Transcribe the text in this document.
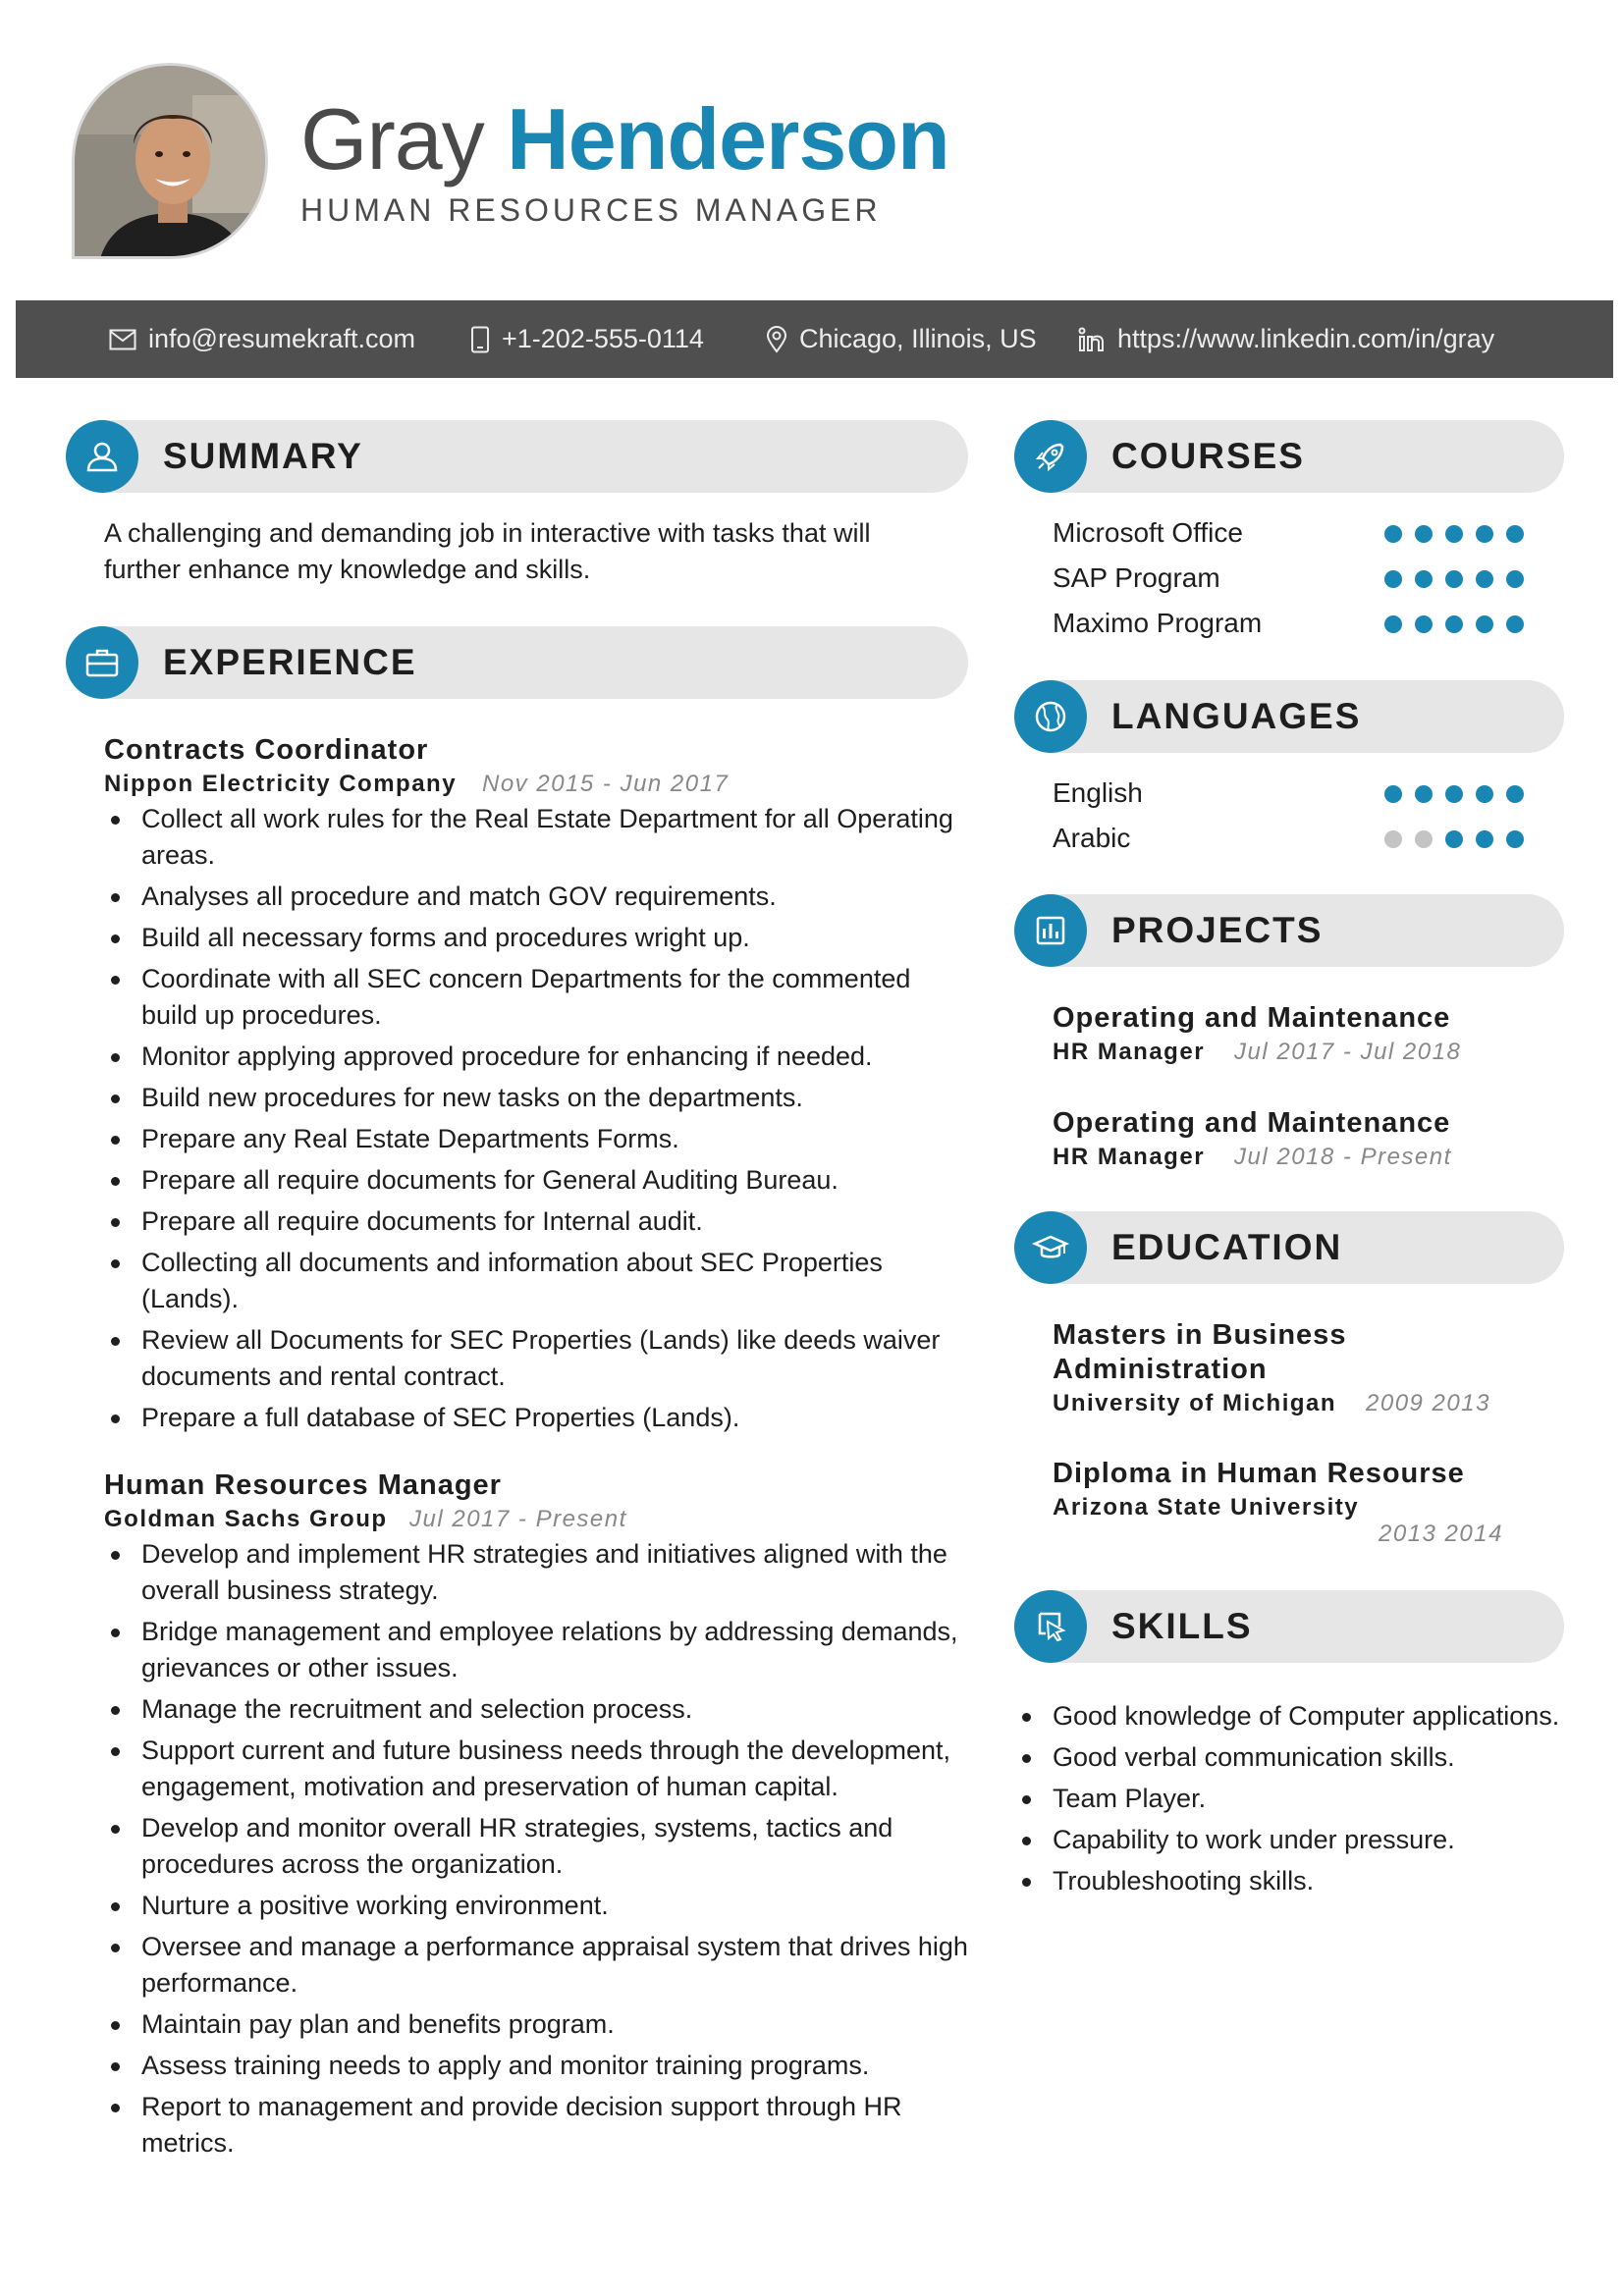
Gray Henderson
HUMAN RESOURCES MANAGER
info@resumekraft.com	+1-202-555-0114	Chicago, Illinois, US	https://www.linkedin.com/in/gray
SUMMARY
A challenging and demanding job in interactive with tasks that will further enhance my knowledge and skills.
EXPERIENCE
Contracts Coordinator
Nippon Electricity Company Nov 2015 - Jun 2017
Collect all work rules for the Real Estate Department for all Operating areas.
Analyses all procedure and match GOV requirements.
Build all necessary forms and procedures wright up.
Coordinate with all SEC concern Departments for the commented build up procedures.
Monitor applying approved procedure for enhancing if needed.
Build new procedures for new tasks on the departments.
Prepare any Real Estate Departments Forms.
Prepare all require documents for General Auditing Bureau.
Prepare all require documents for Internal audit.
Collecting all documents and information about SEC Properties (Lands).
Review all Documents for SEC Properties (Lands) like deeds waiver documents and rental contract.
Prepare a full database of SEC Properties (Lands).
Human Resources Manager
Goldman Sachs Group Jul 2017 - Present
Develop and implement HR strategies and initiatives aligned with the overall business strategy.
Bridge management and employee relations by addressing demands, grievances or other issues.
Manage the recruitment and selection process.
Support current and future business needs through the development, engagement, motivation and preservation of human capital.
Develop and monitor overall HR strategies, systems, tactics and procedures across the organization.
Nurture a positive working environment.
Oversee and manage a performance appraisal system that drives high performance.
Maintain pay plan and benefits program.
Assess training needs to apply and monitor training programs.
Report to management and provide decision support through HR metrics.
COURSES
Microsoft Office
SAP Program
Maximo Program
LANGUAGES
English
Arabic
PROJECTS
Operating and Maintenance
HR Manager Jul 2017 - Jul 2018
Operating and Maintenance
HR Manager Jul 2018 - Present
EDUCATION
Masters in Business
Administration
University of Michigan 2009 2013
Diploma in Human Resourse
Arizona State University
2013 2014
SKILLS
Good knowledge of Computer applications.
Good verbal communication skills.
Team Player.
Capability to work under pressure.
Troubleshooting skills.
